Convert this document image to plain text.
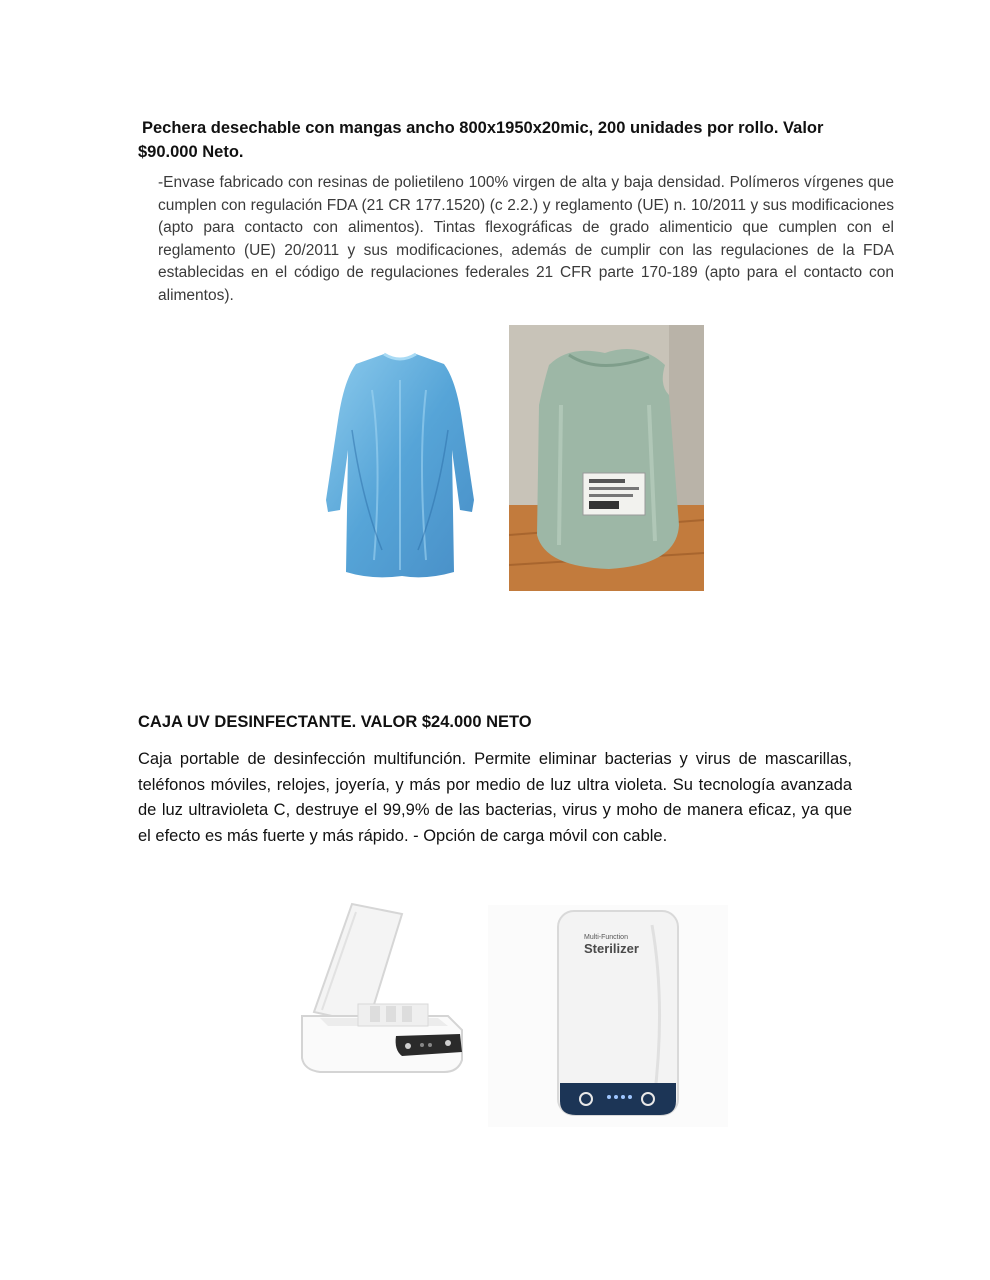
Pechera desechable con mangas ancho 800x1950x20mic, 200 unidades por rollo. Valor
$90.000 Neto.
-Envase fabricado con resinas de polietileno 100% virgen de alta y baja densidad. Polímeros vírgenes que cumplen con regulación FDA (21 CR 177.1520) (c 2.2.) y reglamento (UE) n. 10/2011 y sus modificaciones (apto para contacto con alimentos). Tintas flexográficas de grado alimenticio que cumplen con el reglamento (UE) 20/2011 y sus modificaciones, además de cumplir con las regulaciones de la FDA establecidas en el código de regulaciones federales 21 CFR parte 170-189 (apto para el contacto con alimentos).
CAJA UV DESINFECTANTE. VALOR $24.000 NETO
Caja portable de desinfección multifunción. Permite eliminar bacterias y virus de mascarillas, teléfonos móviles, relojes, joyería, y más por medio de luz ultra violeta. Su tecnología avanzada de luz ultravioleta C, destruye el 99,9% de las bacterias, virus y moho de manera eficaz, ya que el efecto es más fuerte y más rápido. - Opción de carga móvil con cable.
Multi-Function
Sterilizer
